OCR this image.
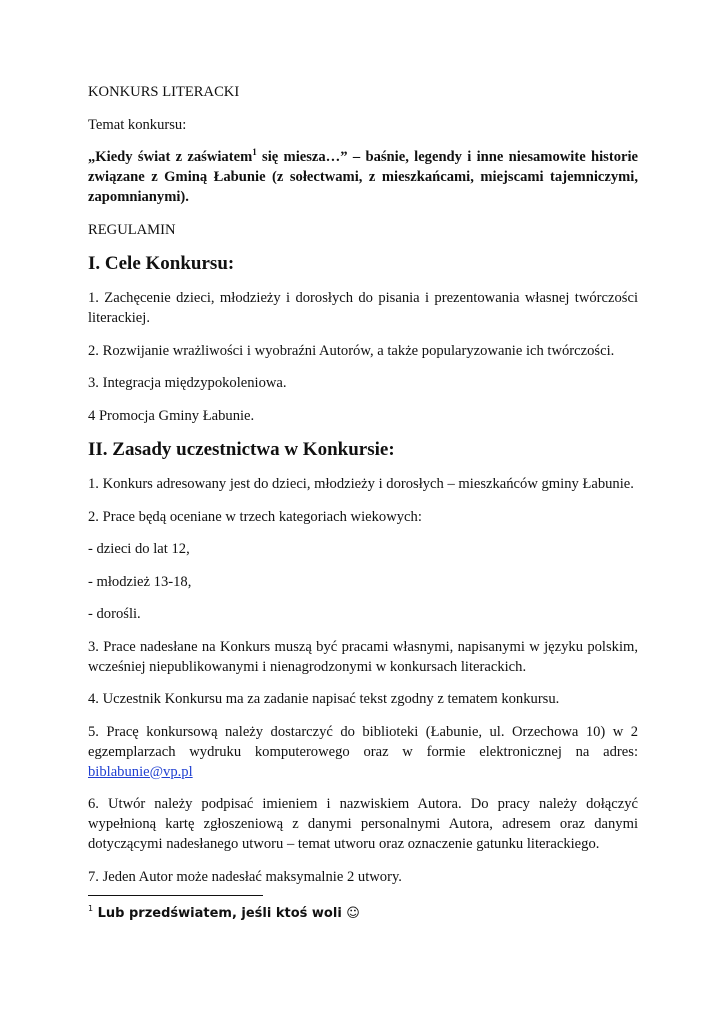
KONKURS LITERACKI

Temat konkursu:

„Kiedy świat z zaświatem$^1$ się miesza…” – baśnie, legendy i inne niesamowite historie związane z Gminą Łabunie (z sołectwami, z mieszkańcami, miejscami tajemniczymi, zapomnianymi).

REGULAMIN

I. Cele Konkursu:

1. Zachęcenie dzieci, młodzieży i dorosłych do pisania i prezentowania własnej twórczości literackiej.

2. Rozwijanie wrażliwości i wyobraźni Autorów, a także popularyzowanie ich twórczości.

3. Integracja międzypokoleniowa.

4 Promocja Gminy Łabunie.

II. Zasady uczestnictwa w Konkursie:

1. Konkurs adresowany jest do dzieci, młodzieży i dorosłych – mieszkańców gminy Łabunie.

2. Prace będą oceniane w trzech kategoriach wiekowych:

- dzieci do lat 12,

- młodzież 13-18,

- dorośli.

3. Prace nadesłane na Konkurs muszą być pracami własnymi, napisanymi w języku polskim, wcześniej niepublikowanymi i nienagrodzonymi w konkursach literackich.

4. Uczestnik Konkursu ma za zadanie napisać tekst zgodny z tematem konkursu.

5. Pracę konkursową należy dostarczyć do biblioteki (Łabunie, ul. Orzechowa 10) w 2 egzemplarzach wydruku komputerowego oraz w formie elektronicznej na adres: biblabunie@vp.pl

6. Utwór należy podpisać imieniem i nazwiskiem Autora. Do pracy należy dołączyć wypełnioną kartę zgłoszeniową z danymi personalnymi Autora, adresem oraz danymi dotyczącymi nadesłanego utworu – temat utworu oraz oznaczenie gatunku literackiego.

7. Jeden Autor może nadesłać maksymalnie 2 utwory.

$^1$ Lub przedświatem, jeśli ktoś woli ☺
